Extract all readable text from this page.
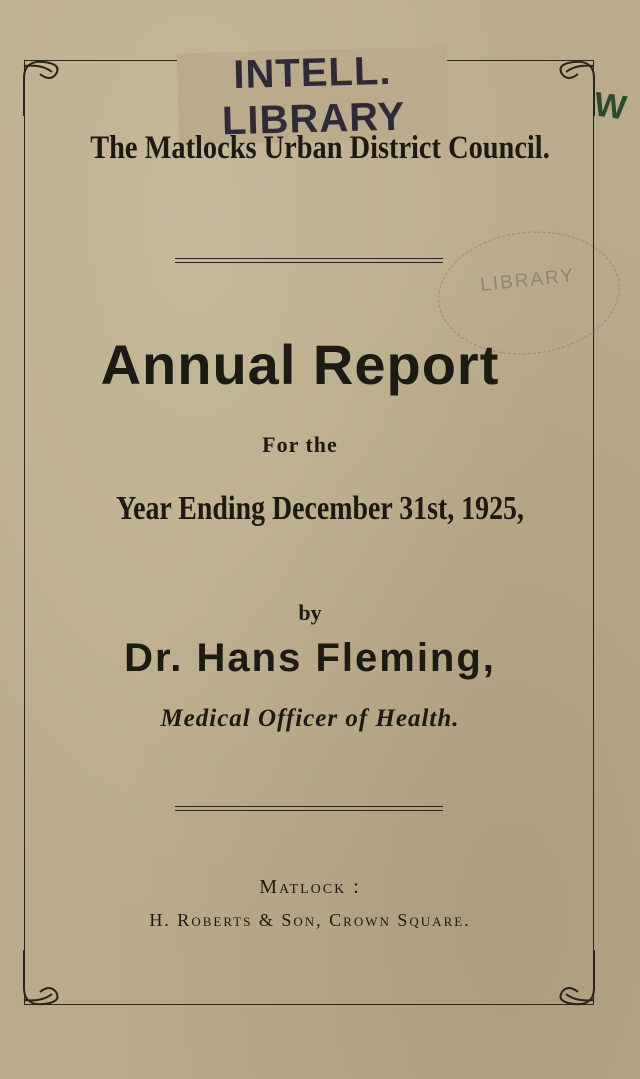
INTELL. LIBRARY	W
The Matlocks Urban District Council.
LIBRARY
Annual Report
For the
Year Ending December 31st, 1925,
by
Dr. Hans Fleming,
Medical Officer of Health.
Matlock :
H. Roberts & Son, Crown Square.
